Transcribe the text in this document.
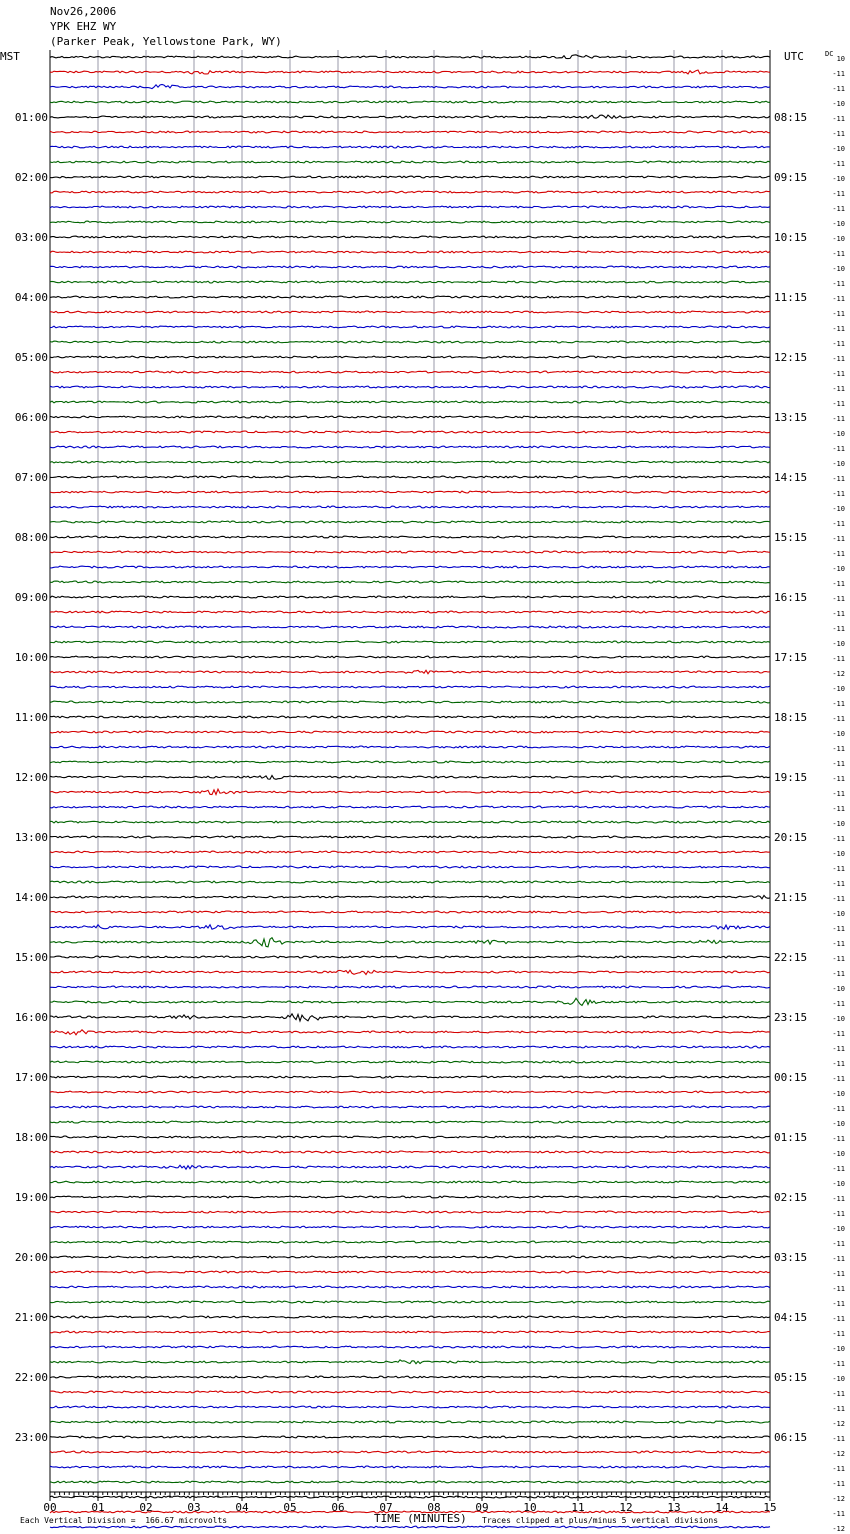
Nov26,2006
YPK EHZ WY
(Parker Peak, Yellowstone Park, WY)
MST	UTC	10
-11
-11
-10
-11
-11
-10
-11
-10
-11
-11
-10
-10
-11
-10
-11
-11
-11
-11
-11
-11
-11
-11
-11
-11
-10
-11
-10
-11
-11
-10
-11
-11
-11
-10
-11
-11
-11
-11
-10
-11
-12
-10
-11
-11
-10
-11
-11
-11
-11
-11
-10
-11
-10
-11
-11
-11
-10
-11
-11
-11
-11
-10
-11
-10
-11
-11
-11
-11
-10
-11
-10
-11
-10
-11
-10
-11
-11
-10
-11
-11
-11
-11
-11
-11
-11
-10
-11
-10
-11
-11
-12
-11
-12
-11
-11
-12
-11
-12
DC
01:00
02:00
03:00
04:00
05:00
06:00
07:00
08:00
09:00
10:00
11:00
12:00
13:00
14:00
15:00
16:00
17:00
18:00
19:00
20:00
21:00
22:00
23:00
08:15
09:15
10:15
11:15
12:15
13:15
14:15
15:15
16:15
17:15
18:15
19:15
20:15
21:15
22:15
23:15
00:15
01:15
02:15
03:15
04:15
05:15
06:15
00	01	02	03	04	05	06	07	08	09	10	11	12	13	14	15
Each Vertical Division =  166.67 microvolts	TIME (MINUTES) Traces clipped at plus/minus 5 vertical divisions
